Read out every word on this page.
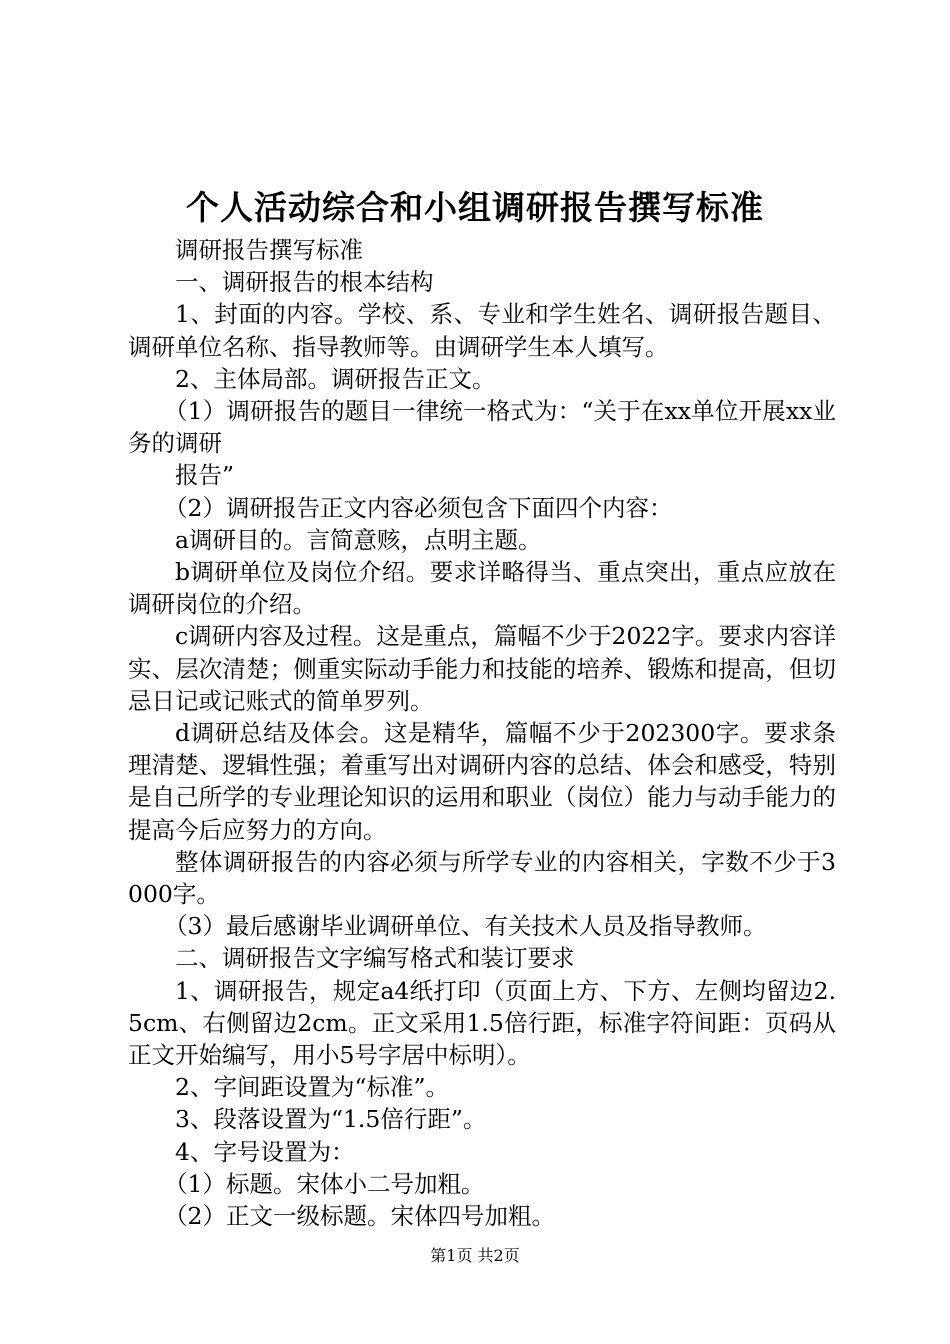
个人活动综合和小组调研报告撰写标准

调研报告撰写标准

一、调研报告的根本结构

1、封面的内容。学校、系、专业和学生姓名、调研报告题目、调研单位名称、指导教师等。由调研学生本人填写。

2、主体局部。调研报告正文。

（1）调研报告的题目一律统一格式为：“关于在xx单位开展xx业务的调研

报告”

（2）调研报告正文内容必须包含下面四个内容：

a调研目的。言简意赅，点明主题。

b调研单位及岗位介绍。要求详略得当、重点突出，重点应放在调研岗位的介绍。

c调研内容及过程。这是重点，篇幅不少于2022字。要求内容详实、层次清楚；侧重实际动手能力和技能的培养、锻炼和提高，但切忌日记或记账式的简单罗列。

d调研总结及体会。这是精华，篇幅不少于202300字。要求条理清楚、逻辑性强；着重写出对调研内容的总结、体会和感受，特别是自己所学的专业理论知识的运用和职业（岗位）能力与动手能力的提高今后应努力的方向。

整体调研报告的内容必须与所学专业的内容相关，字数不少于3000字。

（3）最后感谢毕业调研单位、有关技术人员及指导教师。

二、调研报告文字编写格式和装订要求

1、调研报告，规定a4纸打印（页面上方、下方、左侧均留边2.5cm、右侧留边2cm。正文采用1.5倍行距，标准字符间距：页码从正文开始编写，用小5号字居中标明）。

2、字间距设置为“标准”。

3、段落设置为“1.5倍行距”。

4、字号设置为：

（1）标题。宋体小二号加粗。

（2）正文一级标题。宋体四号加粗。

第1页 共2页
